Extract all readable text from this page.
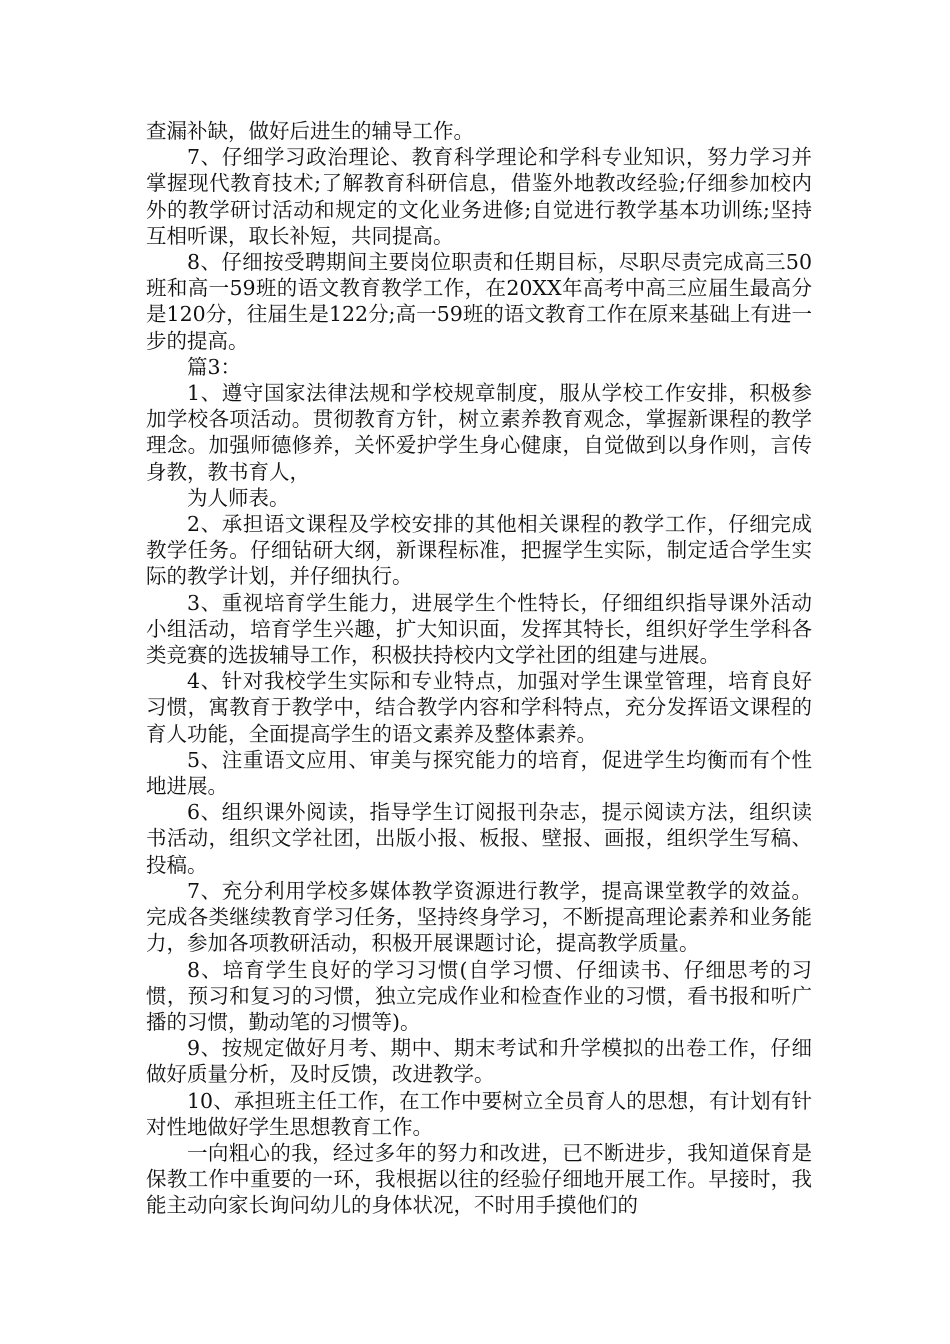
查漏补缺，做好后进生的辅导工作。

7、仔细学习政治理论、教育科学理论和学科专业知识，努力学习并掌握现代教育技术;了解教育科研信息，借鉴外地教改经验;仔细参加校内外的教学研讨活动和规定的文化业务进修;自觉进行教学基本功训练;坚持互相听课，取长补短，共同提高。

8、仔细按受聘期间主要岗位职责和任期目标，尽职尽责完成高三50班和高一59班的语文教育教学工作，在20XX年高考中高三应届生最高分是120分，往届生是122分;高一59班的语文教育工作在原来基础上有进一步的提高。

篇3：

1、遵守国家法律法规和学校规章制度，服从学校工作安排，积极参加学校各项活动。贯彻教育方针，树立素养教育观念，掌握新课程的教学理念。加强师德修养，关怀爱护学生身心健康，自觉做到以身作则，言传身教，教书育人，

为人师表。

2、承担语文课程及学校安排的其他相关课程的教学工作，仔细完成教学任务。仔细钻研大纲，新课程标准，把握学生实际，制定适合学生实际的教学计划，并仔细执行。

3、重视培育学生能力，进展学生个性特长，仔细组织指导课外活动小组活动，培育学生兴趣，扩大知识面，发挥其特长，组织好学生学科各类竞赛的选拔辅导工作，积极扶持校内文学社团的组建与进展。

4、针对我校学生实际和专业特点，加强对学生课堂管理，培育良好习惯，寓教育于教学中，结合教学内容和学科特点，充分发挥语文课程的育人功能，全面提高学生的语文素养及整体素养。

5、注重语文应用、审美与探究能力的培育，促进学生均衡而有个性地进展。

6、组织课外阅读，指导学生订阅报刊杂志，提示阅读方法，组织读书活动，组织文学社团，出版小报、板报、壁报、画报，组织学生写稿、投稿。

7、充分利用学校多媒体教学资源进行教学，提高课堂教学的效益。完成各类继续教育学习任务，坚持终身学习，不断提高理论素养和业务能力，参加各项教研活动，积极开展课题讨论，提高教学质量。

8、培育学生良好的学习习惯(自学习惯、仔细读书、仔细思考的习惯，预习和复习的习惯，独立完成作业和检查作业的习惯，看书报和听广播的习惯，勤动笔的习惯等)。

9、按规定做好月考、期中、期末考试和升学模拟的出卷工作，仔细做好质量分析，及时反馈，改进教学。

10、承担班主任工作，在工作中要树立全员育人的思想，有计划有针对性地做好学生思想教育工作。

一向粗心的我，经过多年的努力和改进，已不断进步，我知道保育是保教工作中重要的一环，我根据以往的经验仔细地开展工作。早接时，我能主动向家长询问幼儿的身体状况，不时用手摸他们的
